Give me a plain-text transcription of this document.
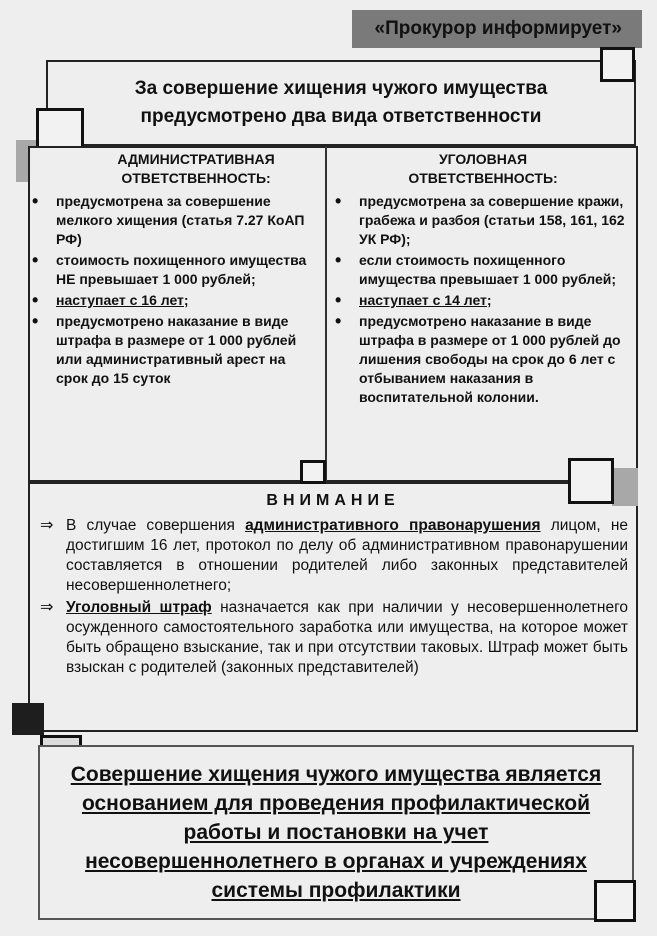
«Прокурор информирует»
За совершение хищения чужого имущества предусмотрено два вида ответственности
АДМИНИСТРАТИВНАЯ ОТВЕТСТВЕННОСТЬ:
• предусмотрена за совершение мелкого хищения (статья 7.27 КоАП РФ)
• стоимость похищенного имущества НЕ превышает 1 000 рублей;
• наступает с 16 лет;
• предусмотрено наказание в виде штрафа в размере от 1 000 рублей или административный арест на срок до 15 суток
УГОЛОВНАЯ ОТВЕТСТВЕННОСТЬ:
• предусмотрена за совершение кражи, грабежа и разбоя (статьи 158, 161, 162 УК РФ);
• если стоимость похищенного имущества превышает 1 000 рублей;
• наступает с 14 лет;
• предусмотрено наказание в виде штрафа в размере от 1 000 рублей до лишения свободы на срок до 6 лет с отбыванием наказания в воспитательной колонии.
ВНИМАНИЕ

⇒ В случае совершения административного правонарушения лицом, не достигшим 16 лет, протокол по делу об административном правонарушении составляется в отношении родителей либо законных представителей несовершеннолетнего;

⇒ Уголовный штраф назначается как при наличии у несовершеннолетнего осужденного самостоятельного заработка или имущества, на которое может быть обращено взыскание, так и при отсутствии таковых. Штраф может быть взыскан с родителей (законных представителей)

Совершение хищения чужого имущества является основанием для проведения профилактической работы и постановки на учет несовершеннолетнего в органах и учреждениях системы профилактики
